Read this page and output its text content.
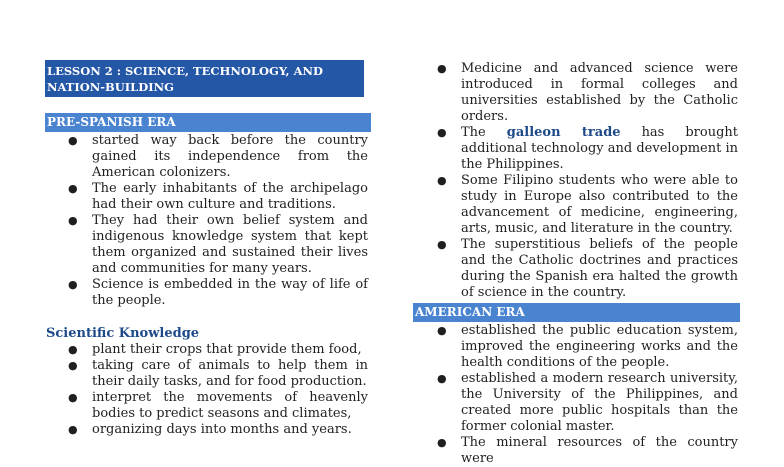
LESSON 2 : SCIENCE, TECHNOLOGY, AND
NATION-BUILDING
PRE-SPANISH ERA
● started way back before the country gained its independence from the American colonizers.
● The early inhabitants of the archipelago had their own culture and traditions.
● They had their own belief system and indigenous knowledge system that kept them organized and sustained their lives and communities for many years.
● Science is embedded in the way of life of the people.
Scientific Knowledge
● plant their crops that provide them food,
● taking care of animals to help them in their daily tasks, and for food production.
● interpret the movements of heavenly bodies to predict seasons and climates,
● organizing days into months and years.
● Medicine and advanced science were introduced in formal colleges and universities established by the Catholic orders.
● The galleon trade has brought additional technology and development in the Philippines.
● Some Filipino students who were able to study in Europe also contributed to the advancement of medicine, engineering, arts, music, and literature in the country.
● The superstitious beliefs of the people and the Catholic doctrines and practices during the Spanish era halted the growth of science in the country.
AMERICAN ERA
● established the public education system, improved the engineering works and the health conditions of the people.
● established a modern research university, the University of the Philippines, and created more public hospitals than the former colonial master.
● The mineral resources of the country were
